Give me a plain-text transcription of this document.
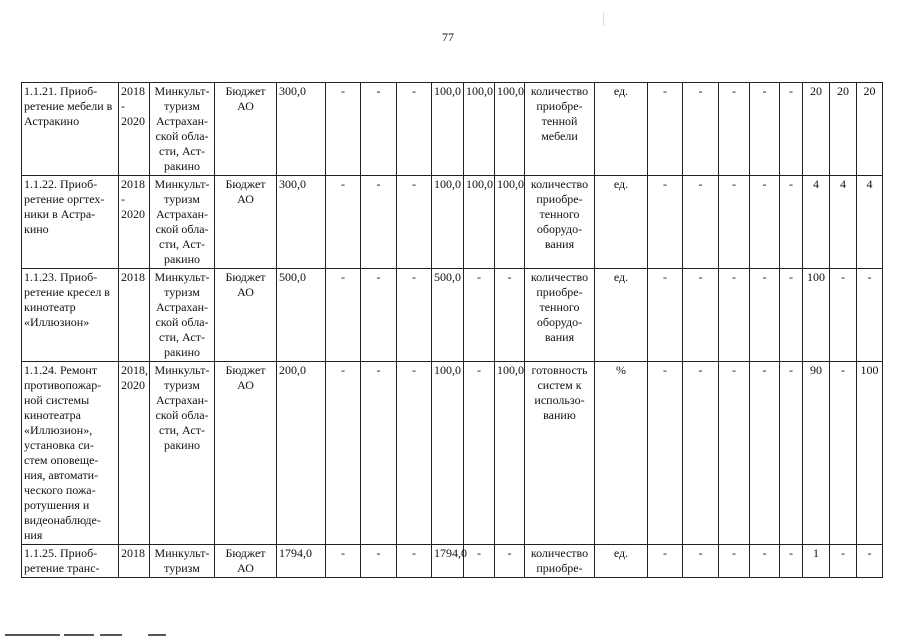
77
1.1.21. Приоб-ретение мебели в Астракино	2018 - 2020	Минкульт-туризм Астрахан-ской обла-сти, Аст-ракино	Бюджет АО	300,0	-	-	-	100,0	100,0	100,0	количество приобре-тенной мебели	ед.	-	-	-	-	-	20	20	20
1.1.22. Приоб-ретение оргтех-ники в Астра-кино	2018 - 2020	Минкульт-туризм Астрахан-ской обла-сти, Аст-ракино	Бюджет АО	300,0	-	-	-	100,0	100,0	100,0	количество приобре-тенного оборудо-вания	ед.	-	-	-	-	-	4	4	4
1.1.23. Приоб-ретение кресел в кинотеатр «Иллюзион»	2018	Минкульт-туризм Астрахан-ской обла-сти, Аст-ракино	Бюджет АО	500,0	-	-	-	500,0	-	-	количество приобре-тенного оборудо-вания	ед.	-	-	-	-	-	100	-	-
1.1.24. Ремонт противопожар-ной системы кинотеатра «Иллюзион», установка си-стем оповеще-ния, автомати-ческого пожа-ротушения и видеонаблюде-ния	2018, 2020	Минкульт-туризм Астрахан-ской обла-сти, Аст-ракино	Бюджет АО	200,0	-	-	-	100,0	-	100,0	готовность систем к использо-ванию	%	-	-	-	-	-	90	-	100
1.1.25. Приоб-ретение транс-	2018	Минкульт-туризм	Бюджет АО	1794,0	-	-	-	1794,0	-	-	количество приобре-	ед.	-	-	-	-	-	1	-	-
